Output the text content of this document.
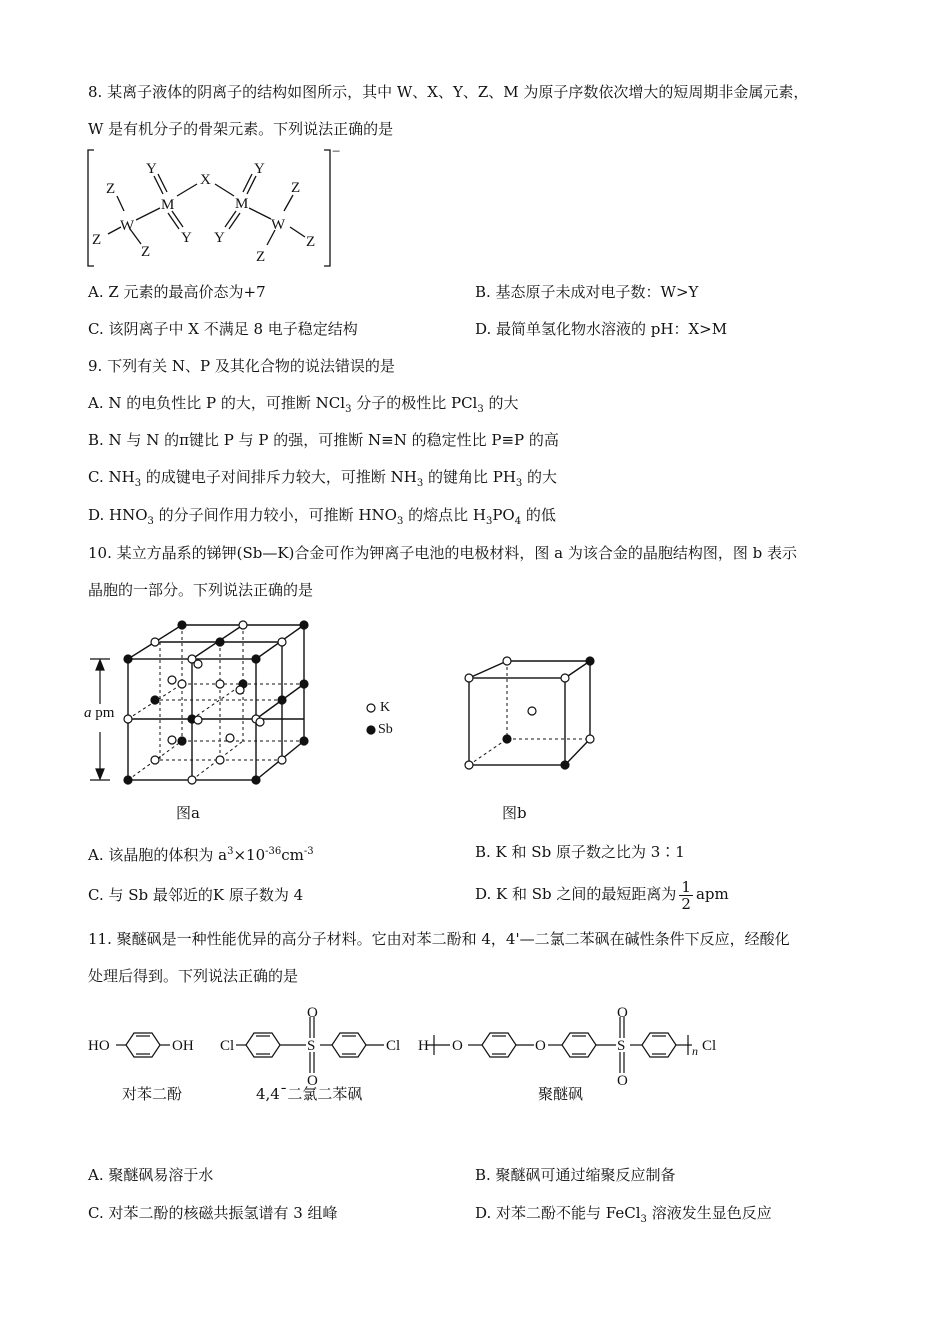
8. 某离子液体的阴离子的结构如图所示，其中 W、X、Y、Z、M 为原子序数依次增大的短周期非金属元素，
W 是有机分子的骨架元素。下列说法正确的是
Z
Z
W
Z
Y
M
Y
X
M
Y
Y
W
Z
Z
Z
−
A. Z 元素的最高价态为+7	B. 基态原子未成对电子数：W>Y
C. 该阴离子中 X 不满足 8 电子稳定结构	D. 最简单氢化物水溶液的 pH：X>M
9. 下列有关 N、P 及其化合物的说法错误的是
A. N 的电负性比 P 的大，可推断 NCl$_3$ 分子的极性比 PCl$_3$ 的大
B. N 与 N 的π键比 P 与 P 的强，可推断 N≡N 的稳定性比 P≡P 的高
C. $NH_3$ 的成键电子对间排斥力较大，可推断 $NH_3$ 的键角比 $PH_3$ 的大
D. $HNO_3$ 的分子间作用力较小，可推断 $HNO_3$ 的熔点比 $H_3PO_4$ 的低
10. 某立方晶系的锑钾(Sb—K)合金可作为钾离子电池的电极材料，图 a 为该合金的晶胞结构图，图 b 表示
晶胞的一部分。下列说法正确的是
a pm	K
Sb
图a	图b
A. 该晶胞的体积为 $a^3\times 10^{-36}cm^{-3}$	B. K 和 Sb 原子数之比为 3∶1
C. 与 Sb 最邻近的K 原子数为 4	D. K 和 Sb 之间的最短距离为 $\frac{1}{2}$ apm
11. 聚醚砜是一种性能优异的高分子材料。它由对苯二酚和 4，4'—二氯二苯砜在碱性条件下反应，经酸化
处理后得到。下列说法正确的是
HO	OH Cl	S
O
O
Cl H O	O	S
O
O
n Cl
对苯二酚	4,4ˉ二氯二苯砜	聚醚砜
A. 聚醚砜易溶于水	B. 聚醚砜可通过缩聚反应制备
C. 对苯二酚的核磁共振氢谱有 3 组峰	D. 对苯二酚不能与 FeCl$_3$ 溶液发生显色反应
